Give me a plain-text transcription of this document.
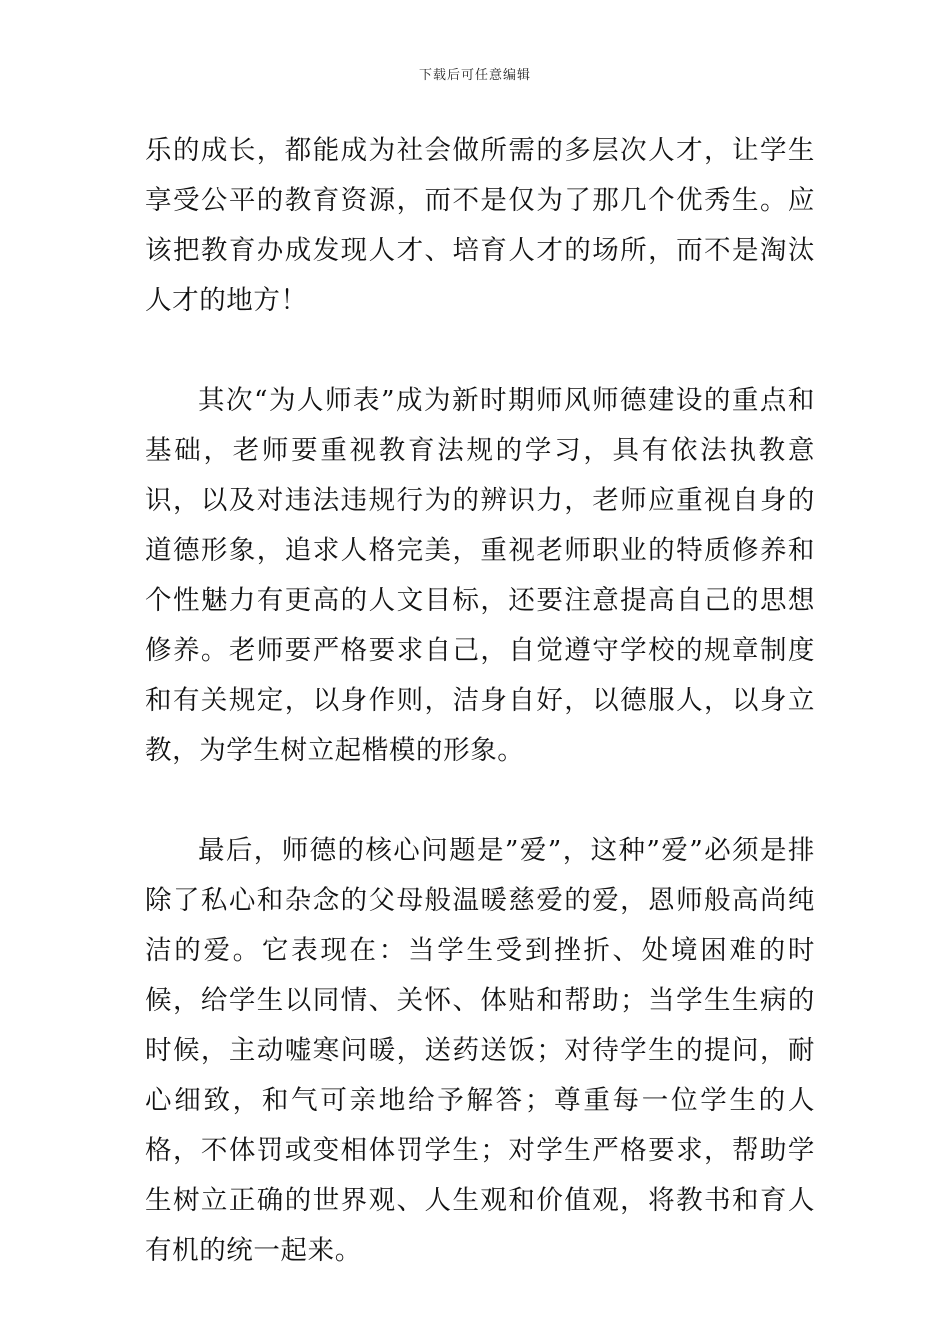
下载后可任意编辑

乐的成长，都能成为社会做所需的多层次人才，让学生享受公平的教育资源，而不是仅为了那几个优秀生。应该把教育办成发现人才、培育人才的场所，而不是淘汰人才的地方！

其次“为人师表”成为新时期师风师德建设的重点和基础，老师要重视教育法规的学习，具有依法执教意识，以及对违法违规行为的辨识力，老师应重视自身的道德形象，追求人格完美，重视老师职业的特质修养和个性魅力有更高的人文目标，还要注意提高自己的思想修养。老师要严格要求自己，自觉遵守学校的规章制度和有关规定，以身作则，洁身自好，以德服人，以身立教，为学生树立起楷模的形象。

最后，师德的核心问题是”爱”，这种”爱”必须是排除了私心和杂念的父母般温暖慈爱的爱，恩师般高尚纯洁的爱。它表现在：当学生受到挫折、处境困难的时候，给学生以同情、关怀、体贴和帮助；当学生生病的时候，主动嘘寒问暖，送药送饭；对待学生的提问，耐心细致，和气可亲地给予解答；尊重每一位学生的人格，不体罚或变相体罚学生；对学生严格要求，帮助学生树立正确的世界观、人生观和价值观，将教书和育人有机的统一起来。
